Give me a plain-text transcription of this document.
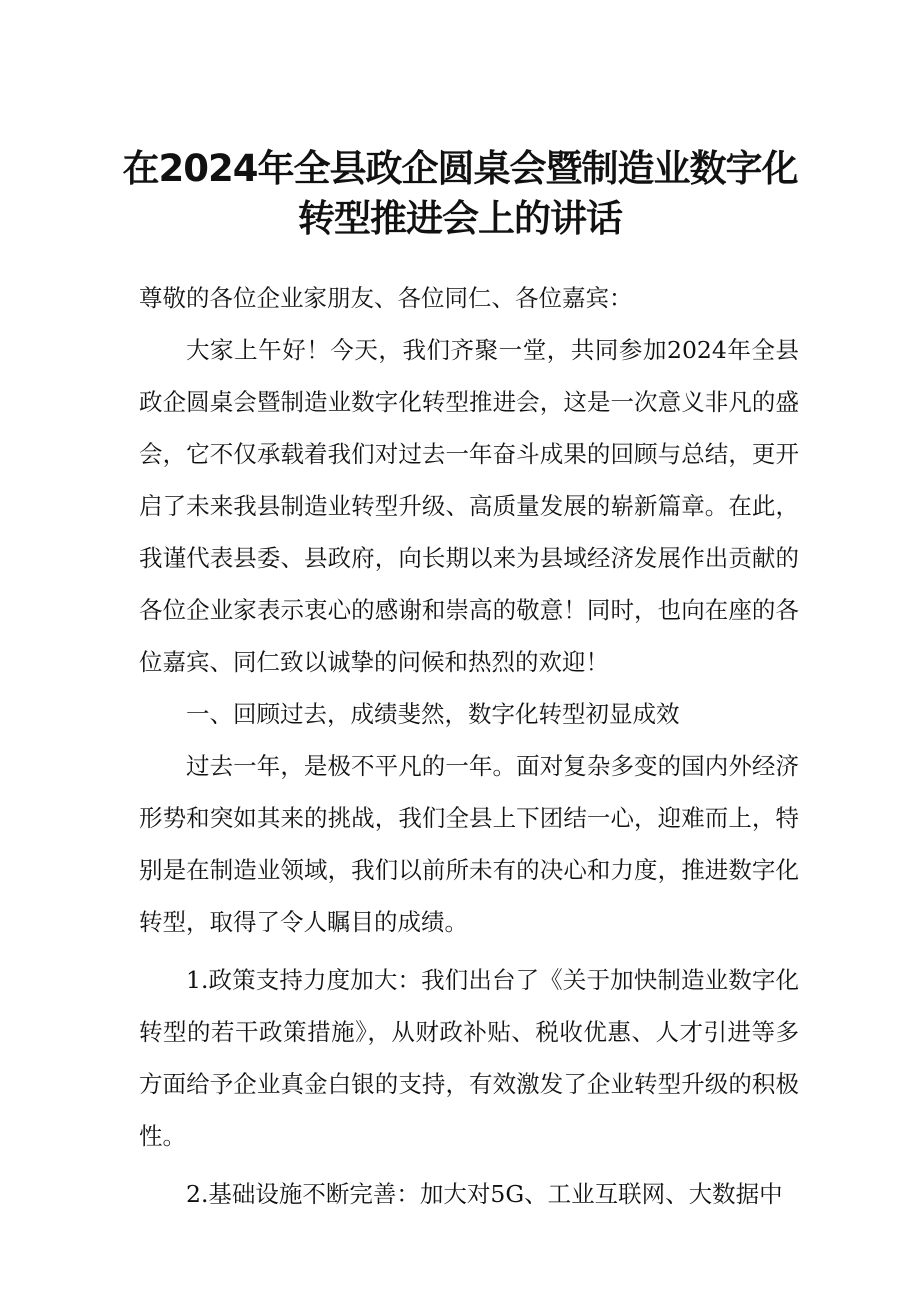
在2024年全县政企圆桌会暨制造业数字化
转型推进会上的讲话

尊敬的各位企业家朋友、各位同仁、各位嘉宾：

大家上午好！今天，我们齐聚一堂，共同参加2024年全县政企圆桌会暨制造业数字化转型推进会，这是一次意义非凡的盛会，它不仅承载着我们对过去一年奋斗成果的回顾与总结，更开启了未来我县制造业转型升级、高质量发展的崭新篇章。在此，我谨代表县委、县政府，向长期以来为县域经济发展作出贡献的各位企业家表示衷心的感谢和崇高的敬意！同时，也向在座的各位嘉宾、同仁致以诚挚的问候和热烈的欢迎！

一、回顾过去，成绩斐然，数字化转型初显成效

过去一年，是极不平凡的一年。面对复杂多变的国内外经济形势和突如其来的挑战，我们全县上下团结一心，迎难而上，特别是在制造业领域，我们以前所未有的决心和力度，推进数字化转型，取得了令人瞩目的成绩。

1.政策支持力度加大：我们出台了《关于加快制造业数字化转型的若干政策措施》，从财政补贴、税收优惠、人才引进等多方面给予企业真金白银的支持，有效激发了企业转型升级的积极性。

2.基础设施不断完善：加大对5G、工业互联网、大数据中
